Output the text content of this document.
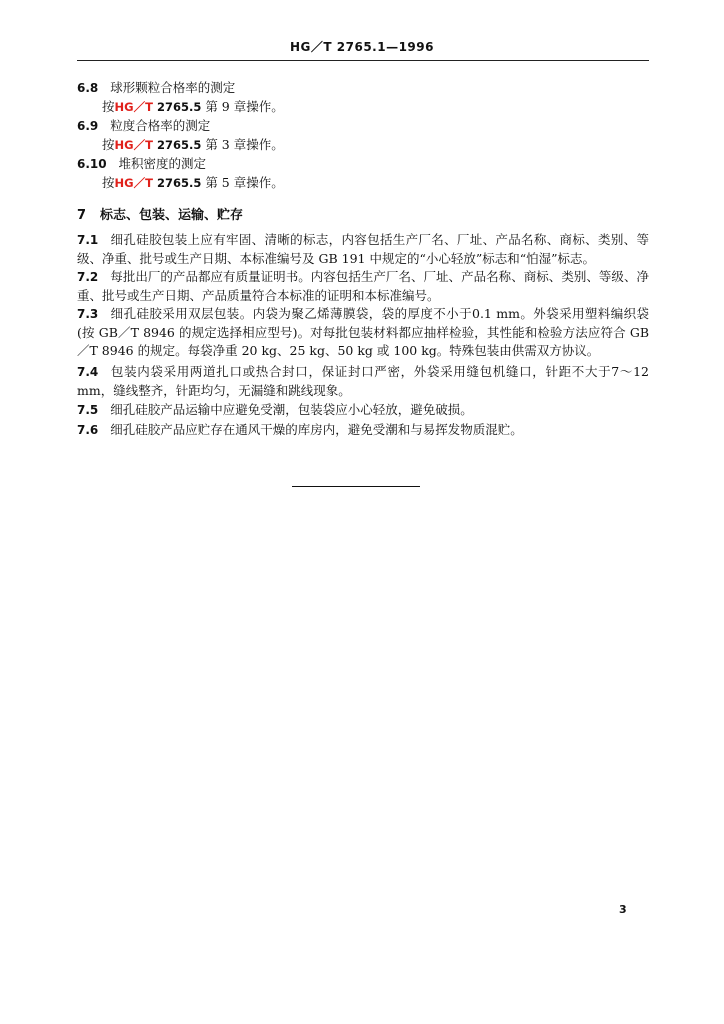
HG／T 2765.1—1996
6.8 球形颗粒合格率的测定
按HG／T 2765.5 第 9 章操作。
6.9 粒度合格率的测定
按HG／T 2765.5 第 3 章操作。
6.10 堆积密度的测定
按HG／T 2765.5 第 5 章操作。
7 标志、包装、运输、贮存
7.1 细孔硅胶包装上应有牢固、清晰的标志，内容包括生产厂名、厂址、产品名称、商标、类别、等级、净重、批号或生产日期、本标准编号及 GB 191 中规定的“小心轻放”标志和“怕湿”标志。
7.2 每批出厂的产品都应有质量证明书。内容包括生产厂名、厂址、产品名称、商标、类别、等级、净重、批号或生产日期、产品质量符合本标准的证明和本标准编号。
7.3 细孔硅胶采用双层包装。内袋为聚乙烯薄膜袋，袋的厚度不小于0.1 mm。外袋采用塑料编织袋(按 GB／T 8946 的规定选择相应型号)。对每批包装材料都应抽样检验，其性能和检验方法应符合 GB／T 8946 的规定。每袋净重 20 kg、25 kg、50 kg 或 100 kg。特殊包装由供需双方协议。
7.4 包装内袋采用两道扎口或热合封口，保证封口严密，外袋采用缝包机缝口，针距不大于7～12 mm，缝线整齐，针距均匀，无漏缝和跳线现象。
7.5 细孔硅胶产品运输中应避免受潮，包装袋应小心轻放，避免破损。
7.6 细孔硅胶产品应贮存在通风干燥的库房内，避免受潮和与易挥发物质混贮。
3
